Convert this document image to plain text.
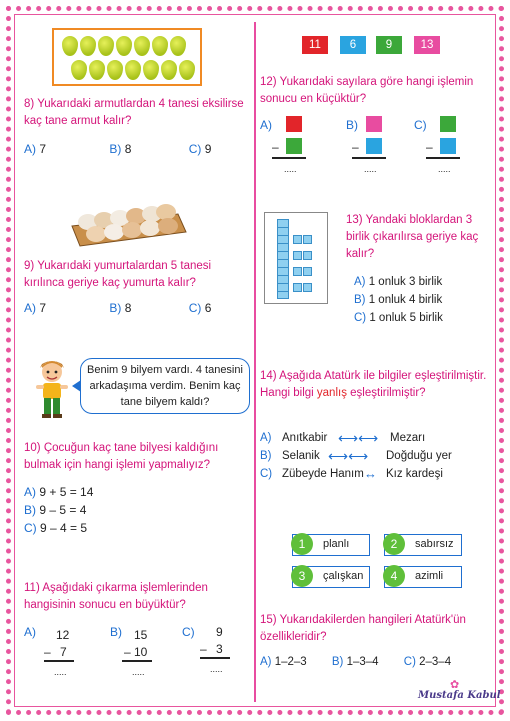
8) Yukarıdaki armutlardan 4 tanesi eksilirse kaç tane armut kalır?
A) 7	B) 8	C) 9
9) Yukarıdaki yumurtalardan 5 tanesi kırılınca geriye kaç yumurta kalır?
A) 7	B) 8	C) 6
Benim 9 bilyem vardı. 4 tanesini arkadaşıma verdim. Benim kaç tane bilyem kaldı?
10) Çocuğun kaç tane bilyesi kaldığını bulmak için hangi işlemi yapmalıyız?
A) 9 + 5 = 14
B) 9 – 5 = 4
C) 9 – 4 = 5
11) Aşağıdaki çıkarma işlemlerinden hangisinin sonucu en büyüktür?
A) 12
– 7
.....
B) 15
– 10
.....
C) 9
– 3
.....
11	6	9	13
12) Yukarıdaki sayılara göre hangi işlemin sonucu en küçüktür?
A)
–
.....
B)
–
.....
C)
–
.....
13) Yandaki bloklardan 3 birlik çıkarılırsa geriye kaç kalır?
A) 1 onluk 3 birlik
B) 1 onluk 4 birlik
C) 1 onluk 5 birlik
14) Aşağıda Atatürk ile bilgiler eşleştirilmiştir. Hangi bilgi yanlış eşleştirilmiştir?
A) Anıtkabir ⟷⟷ Mezarı
B) Selanik ⟷⟷ Doğduğu yer
C) Zübeyde Hanım ↔ Kız kardeşi
1	planlı	2	sabırsız
3	çalışkan	4	azimli
15) Yukarıdakilerden hangileri Atatürk'ün özellikleridir?
A) 1–2–3 B) 1–3–4 C) 2–3–4
✿
Mustafa Kabul
